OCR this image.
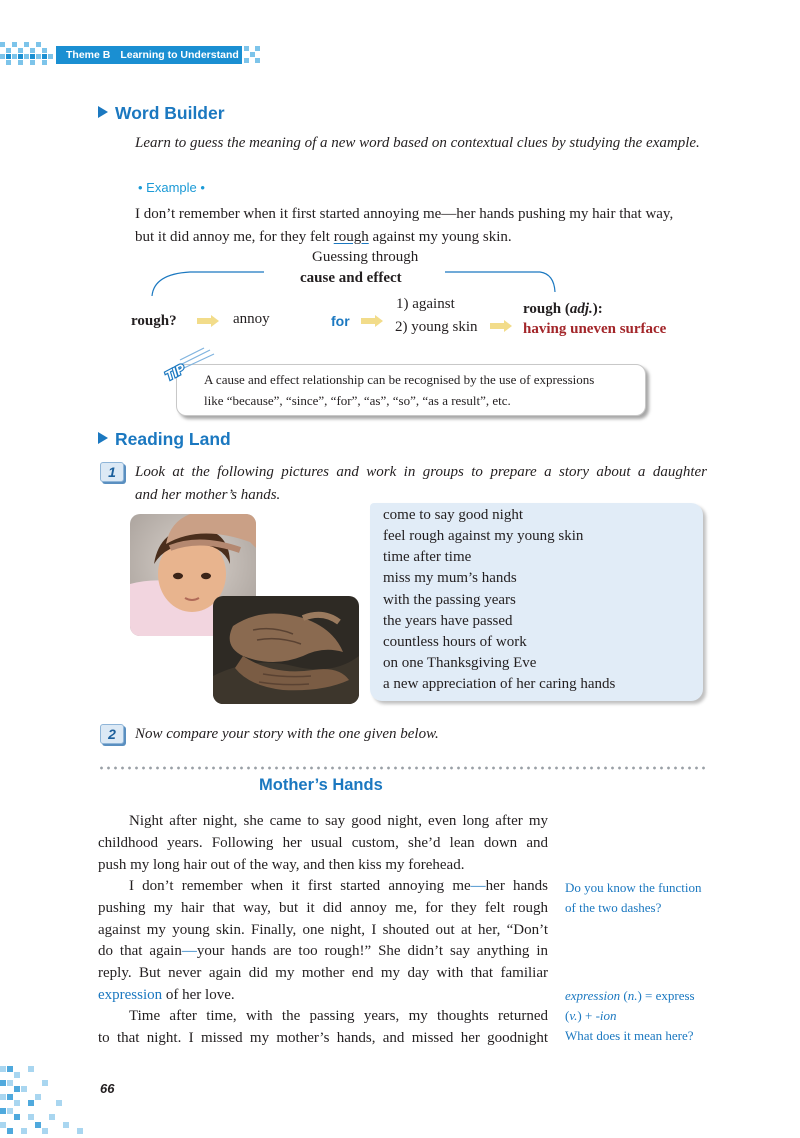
Theme B Learning to Understand
Word Builder
Learn to guess the meaning of a new word based on contextual clues by studying the example.
• Example •
I don’t remember when it first started annoying me—her hands pushing my hair that way,
but it did annoy me, for they felt rough against my young skin.
Guessing through
cause and effect
rough?	annoy	for
1) against
2) young skin
rough (adj.):
having uneven surface
TIP A cause and effect relationship can be recognised by the use of expressions
like “because”, “since”, “for”, “as”, “so”, “as a result”, etc.
Reading Land
1	Look at the following pictures and work in groups to prepare a story about a daughter
and her mother’s hands.
come to say good night
feel rough against my young skin
time after time
miss my mum’s hands
with the passing years
the years have passed
countless hours of work
on one Thanksgiving Eve
a new appreciation of her caring hands
2	Now compare your story with the one given below.
Mother’s Hands
Night after night, she came to say good night, even long after my
childhood years. Following her usual custom, she’d lean down and
push my long hair out of the way, and then kiss my forehead.
I don’t remember when it first started annoying me—her hands
pushing my hair that way, but it did annoy me, for they felt rough
against my young skin. Finally, one night, I shouted out at her, “Don’t
do that again—your hands are too rough!” She didn’t say anything in
reply. But never again did my mother end my day with that familiar
expression of her love.
Time after time, with the passing years, my thoughts returned
to that night. I missed my mother’s hands, and missed her goodnight
Do you know the function
of the two dashes?
expression (n.) = express
(v.) + -ion
What does it mean here?
66
